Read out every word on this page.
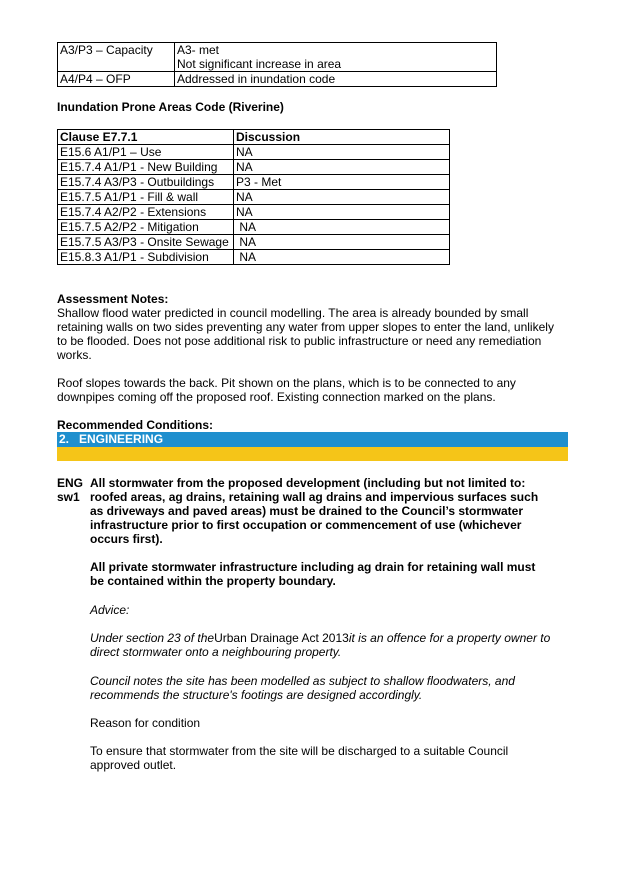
A3/P3 – Capacity	A3- met
Not significant increase in area

A4/P4 – OFP	Addressed in inundation code
Inundation Prone Areas Code (Riverine)
Clause E7.7.1	Discussion
E15.6 A1/P1 – Use	NA
E15.7.4 A1/P1 - New Building	NA
E15.7.4 A3/P3 - Outbuildings	P3 - Met
E15.7.5 A1/P1 - Fill & wall	NA
E15.7.4 A2/P2 - Extensions	NA
E15.7.5 A2/P2 - Mitigation	NA
E15.7.5 A3/P3 - Onsite Sewage	NA
E15.8.3 A1/P1 - Subdivision	NA
Assessment Notes:
Shallow flood water predicted in council modelling. The area is already bounded by small
retaining walls on two sides preventing any water from upper slopes to enter the land, unlikely
to be flooded. Does not pose additional risk to public infrastructure or need any remediation
works.
Roof slopes towards the back. Pit shown on the plans, which is to be connected to any
downpipes coming off the proposed roof. Existing connection marked on the plans.
Recommended Conditions:
2.   ENGINEERING
ENG
sw1
All stormwater from the proposed development (including but not limited to:
roofed areas, ag drains, retaining wall ag drains and impervious surfaces such
as driveways and paved areas) must be drained to the Council’s stormwater
infrastructure prior to first occupation or commencement of use (whichever
occurs first).
All private stormwater infrastructure including ag drain for retaining wall must
be contained within the property boundary.
Advice:
Under section 23 of theUrban Drainage Act 2013it is an offence for a property owner to
direct stormwater onto a neighbouring property.
Council notes the site has been modelled as subject to shallow floodwaters, and
recommends the structure's footings are designed accordingly.
Reason for condition
To ensure that stormwater from the site will be discharged to a suitable Council
approved outlet.
